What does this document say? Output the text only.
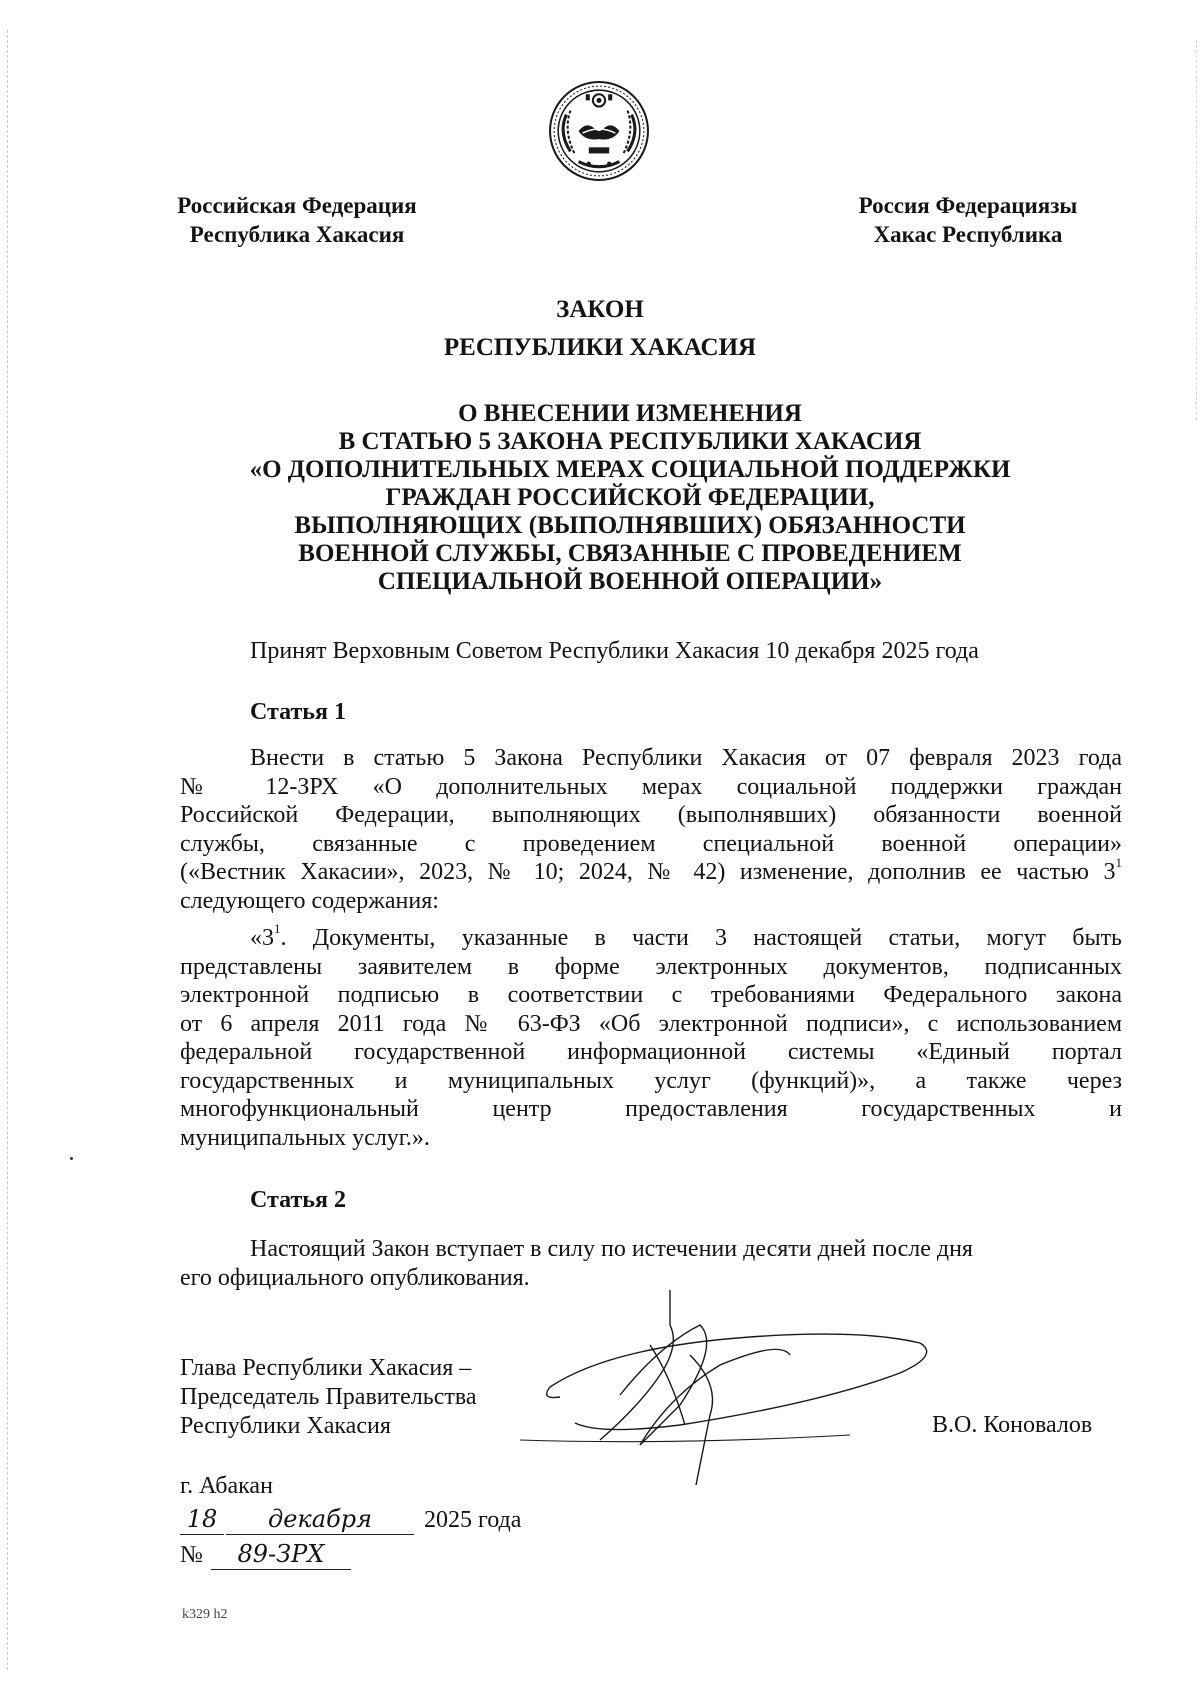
Российская Федерация
Республика Хакасия
Россия Федерациязы
Хакас Республика
ЗАКОН
РЕСПУБЛИКИ ХАКАСИЯ
О ВНЕСЕНИИ ИЗМЕНЕНИЯ
В СТАТЬЮ 5 ЗАКОНА РЕСПУБЛИКИ ХАКАСИЯ
«О ДОПОЛНИТЕЛЬНЫХ МЕРАХ СОЦИАЛЬНОЙ ПОДДЕРЖКИ
ГРАЖДАН РОССИЙСКОЙ ФЕДЕРАЦИИ,
ВЫПОЛНЯЮЩИХ (ВЫПОЛНЯВШИХ) ОБЯЗАННОСТИ
ВОЕННОЙ СЛУЖБЫ, СВЯЗАННЫЕ С ПРОВЕДЕНИЕМ
СПЕЦИАЛЬНОЙ ВОЕННОЙ ОПЕРАЦИИ»
Принят Верховным Советом Республики Хакасия 10 декабря 2025 года
Статья 1
Внести в статью 5 Закона Республики Хакасия от 07 февраля 2023 года
№ 12-ЗРХ «О дополнительных мерах социальной поддержки граждан
Российской Федерации, выполняющих (выполнявших) обязанности военной
службы, связанные с проведением специальной военной операции»
(«Вестник Хакасии», 2023, № 10; 2024, № 42) изменение, дополнив ее частью $3^1$
следующего содержания:
«$3^1$. Документы, указанные в части 3 настоящей статьи, могут быть
представлены заявителем в форме электронных документов, подписанных
электронной подписью в соответствии с требованиями Федерального закона
от 6 апреля 2011 года № 63-ФЗ «Об электронной подписи», с использованием
федеральной государственной информационной системы «Единый портал
государственных и муниципальных услуг (функций)», а также через
многофункциональный центр предоставления государственных и
муниципальных услуг.».
Статья 2
Настоящий Закон вступает в силу по истечении десяти дней после дня
его официального опубликования.
Глава Республики Хакасия –
Председатель Правительства
Республики Хакасия	В.О. Коновалов
г. Абакан
18 декабря 2025 года
№ 89-ЗРХ
k329 h2
